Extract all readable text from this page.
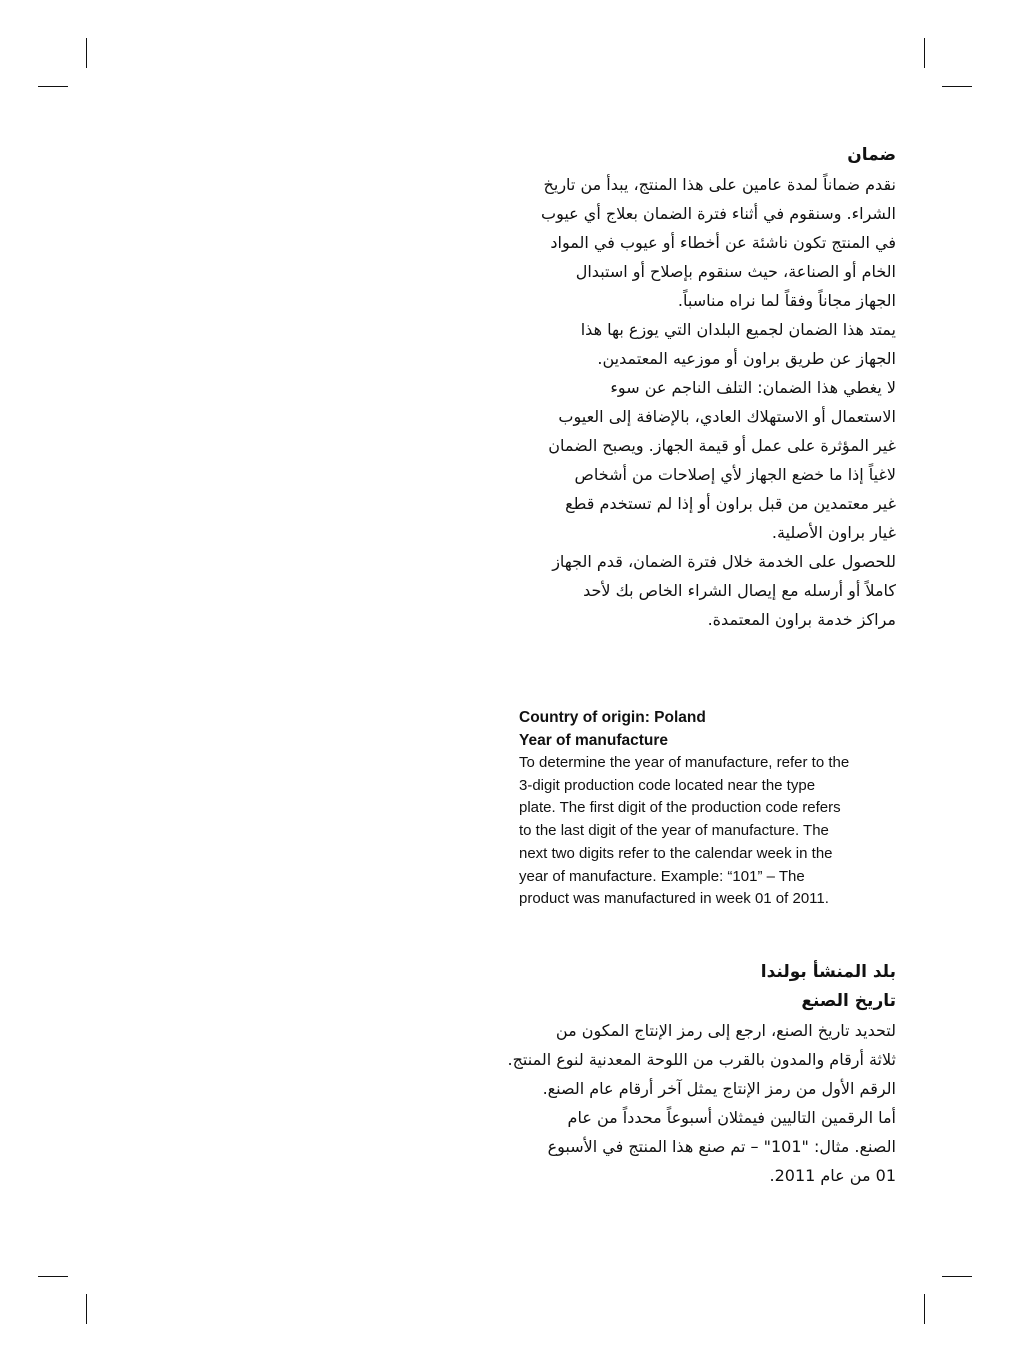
ضمان
نقدم ضماناً لمدة عامين على هذا المنتج، يبدأ من تاريخ
الشراء. وسنقوم في أثناء فترة الضمان بعلاج أي عيوب
في المنتج تكون ناشئة عن أخطاء أو عيوب في المواد
الخام أو الصناعة، حيث سنقوم بإصلاح أو استبدال
الجهاز مجاناً وفقاً لما نراه مناسباً.
يمتد هذا الضمان لجميع البلدان التي يوزع بها هذا
الجهاز عن طريق براون أو موزعيه المعتمدين.
لا يغطي هذا الضمان: التلف الناجم عن سوء
الاستعمال أو الاستهلاك العادي، بالإضافة إلى العيوب
غير المؤثرة على عمل أو قيمة الجهاز. ويصبح الضمان
لاغياً إذا ما خضع الجهاز لأي إصلاحات من أشخاص
غير معتمدين من قبل براون أو إذا لم تستخدم قطع
غيار براون الأصلية.
للحصول على الخدمة خلال فترة الضمان، قدم الجهاز
كاملاً أو أرسله مع إيصال الشراء الخاص بك لأحد
مراكز خدمة براون المعتمدة.
Country of origin: Poland
Year of manufacture
To determine the year of manufacture, refer to the
3-digit production code located near the type
plate. The first digit of the production code refers
to the last digit of the year of manufacture. The
next two digits refer to the calendar week in the
year of manufacture. Example: “101” – The
product was manufactured in week 01 of 2011.
بلد المنشأ بولندا
تاريخ الصنع
لتحديد تاريخ الصنع، ارجع إلى رمز الإنتاج المكون من
ثلاثة أرقام والمدون بالقرب من اللوحة المعدنية لنوع المنتج.
الرقم الأول من رمز الإنتاج يمثل آخر أرقام عام الصنع.
أما الرقمين التاليين فيمثلان أسبوعاً محدداً من عام
الصنع. مثال: "101" – تم صنع هذا المنتج في الأسبوع
01 من عام 2011.
